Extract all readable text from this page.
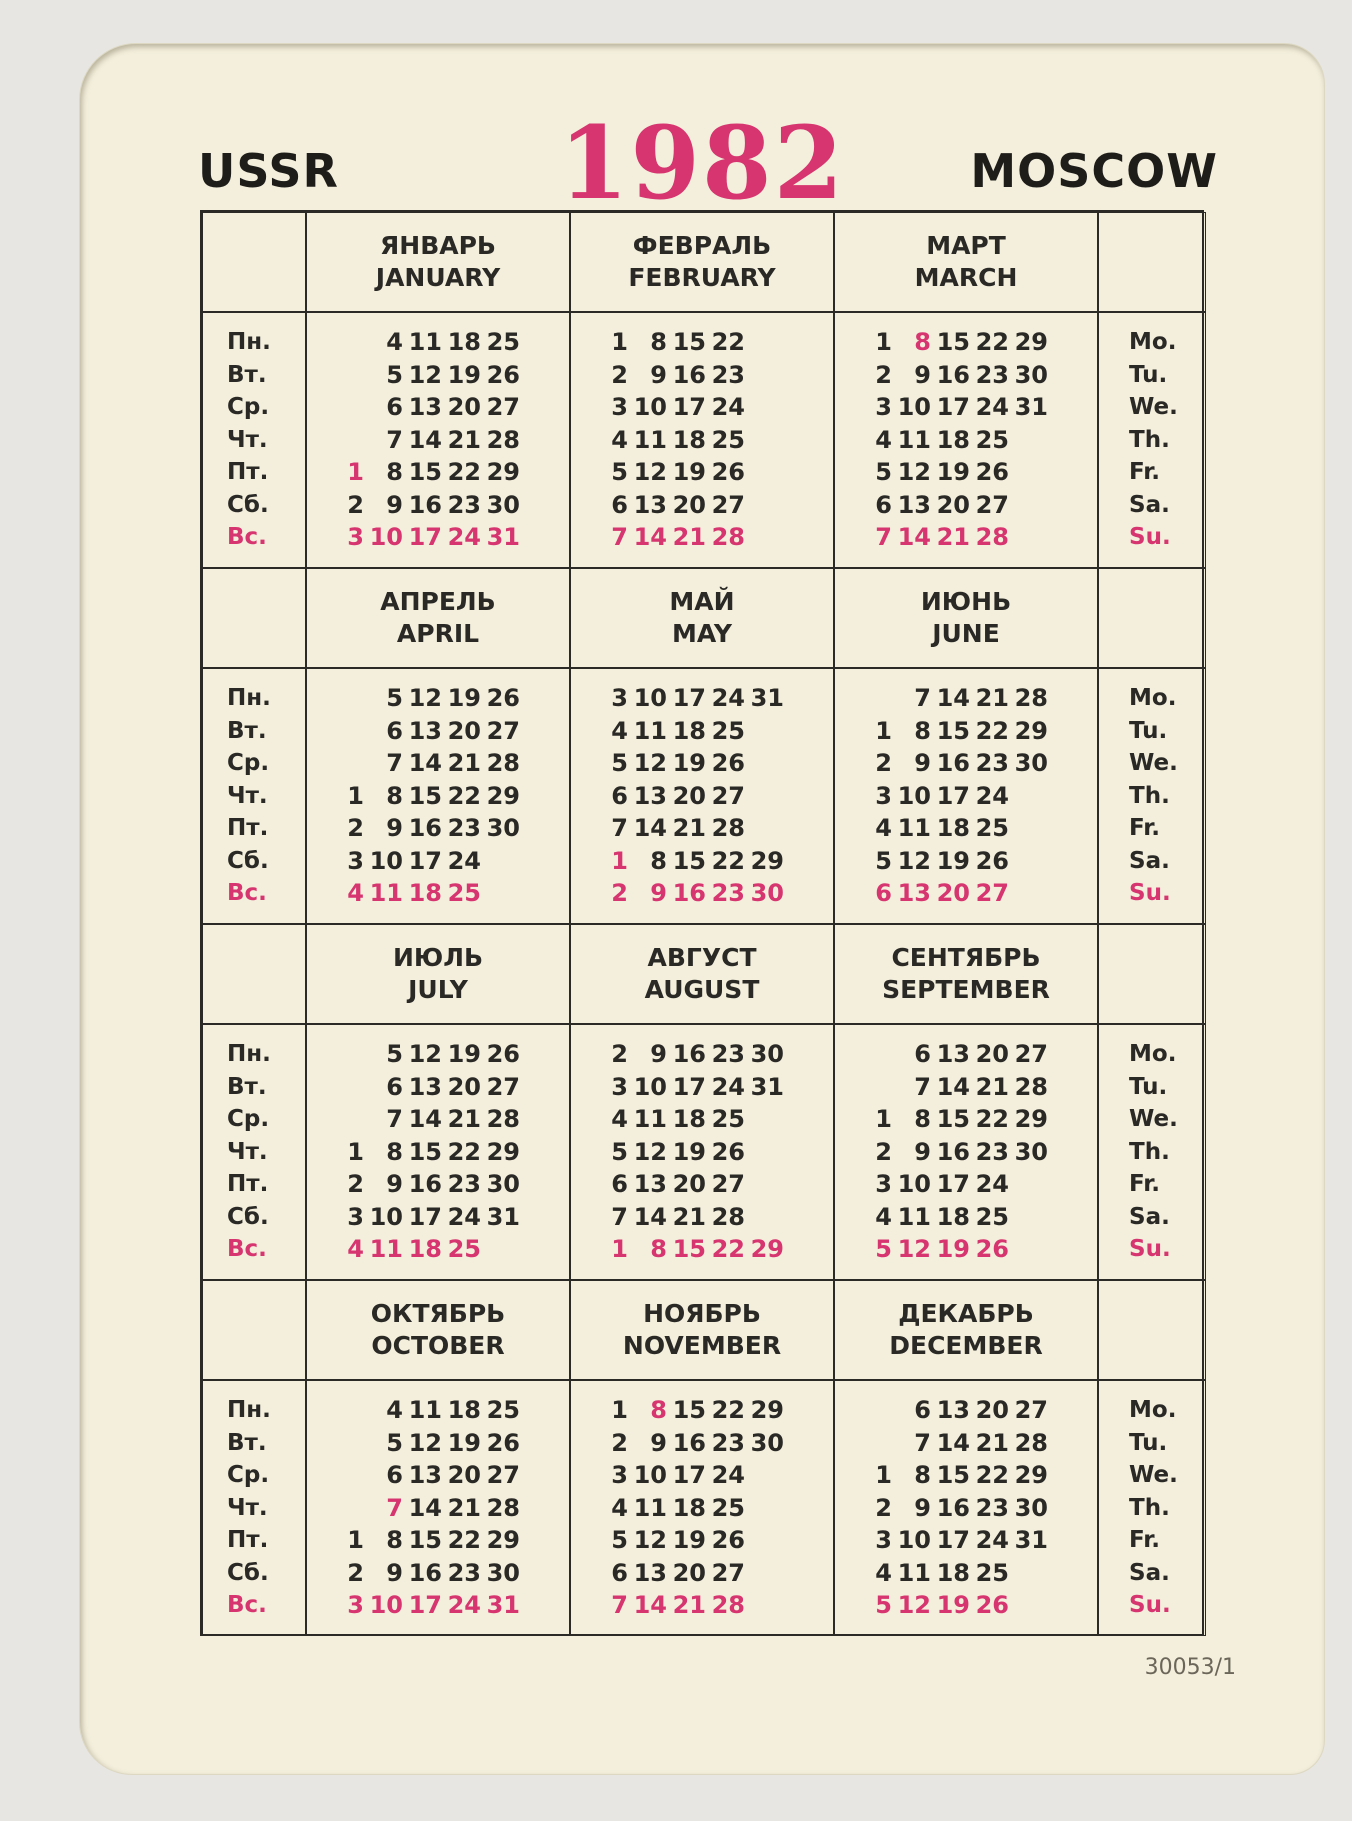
USSR	1982	MOSCOW
ЯНВАРЬ
JANUARY
ФЕВРАЛЬ
FEBRUARY
МАРТ
MARCH
Пн.
Вт.
Ср.
Чт.
Пт.
Сб.
Вс.
4 11 18 25
5 12 19 26
6 13 20 27
7 14 21 28
1 8 15 22 29
2 9 16 23 30
3 10 17 24 31
1 8 15 22
2 9 16 23
3 10 17 24
4 11 18 25
5 12 19 26
6 13 20 27
7 14 21 28
1 8 15 22 29
2 9 16 23 30
3 10 17 24 31
4 11 18 25
5 12 19 26
6 13 20 27
7 14 21 28
Mo.
Tu.
We.
Th.
Fr.
Sa.
Su.
АПРЕЛЬ
APRIL
МАЙ
MAY
ИЮНЬ
JUNE
Пн.
Вт.
Ср.
Чт.
Пт.
Сб.
Вс.
5 12 19 26
6 13 20 27
7 14 21 28
1 8 15 22 29
2 9 16 23 30
3 10 17 24
4 11 18 25
3 10 17 24 31
4 11 18 25
5 12 19 26
6 13 20 27
7 14 21 28
1 8 15 22 29
2 9 16 23 30
7 14 21 28
1 8 15 22 29
2 9 16 23 30
3 10 17 24
4 11 18 25
5 12 19 26
6 13 20 27
Mo.
Tu.
We.
Th.
Fr.
Sa.
Su.
ИЮЛЬ
JULY
АВГУСТ
AUGUST
СЕНТЯБРЬ
SEPTEMBER
Пн.
Вт.
Ср.
Чт.
Пт.
Сб.
Вс.
5 12 19 26
6 13 20 27
7 14 21 28
1 8 15 22 29
2 9 16 23 30
3 10 17 24 31
4 11 18 25
2 9 16 23 30
3 10 17 24 31
4 11 18 25
5 12 19 26
6 13 20 27
7 14 21 28
1 8 15 22 29
6 13 20 27
7 14 21 28
1 8 15 22 29
2 9 16 23 30
3 10 17 24
4 11 18 25
5 12 19 26
Mo.
Tu.
We.
Th.
Fr.
Sa.
Su.
ОКТЯБРЬ
OCTOBER
НОЯБРЬ
NOVEMBER
ДЕКАБРЬ
DECEMBER
Пн.
Вт.
Ср.
Чт.
Пт.
Сб.
Вс.
4 11 18 25
5 12 19 26
6 13 20 27
7 14 21 28
1 8 15 22 29
2 9 16 23 30
3 10 17 24 31
1 8 15 22 29
2 9 16 23 30
3 10 17 24
4 11 18 25
5 12 19 26
6 13 20 27
7 14 21 28
6 13 20 27
7 14 21 28
1 8 15 22 29
2 9 16 23 30
3 10 17 24 31
4 11 18 25
5 12 19 26
Mo.
Tu.
We.
Th.
Fr.
Sa.
Su.
30053/1
